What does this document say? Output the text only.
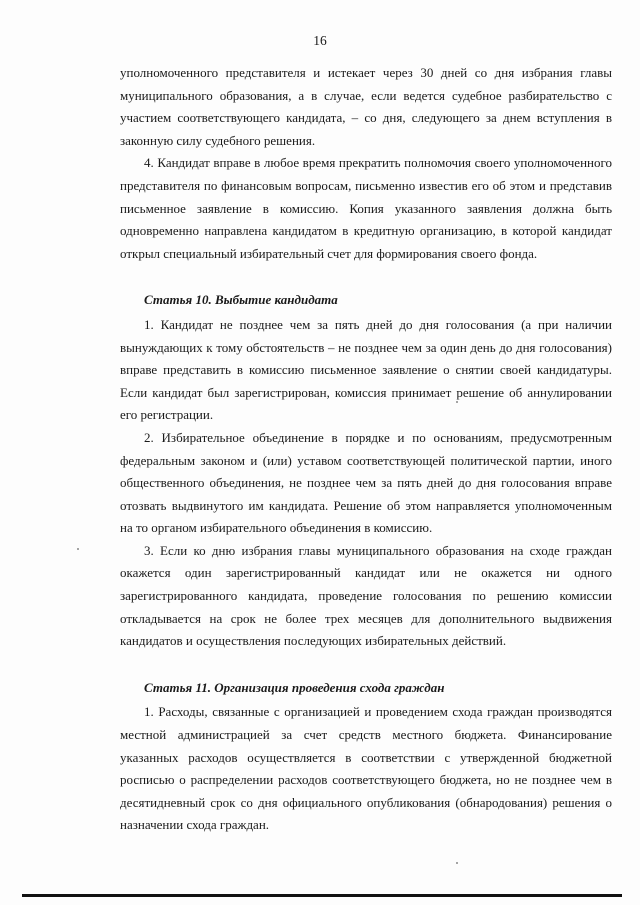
16

уполномоченного представителя и истекает через 30 дней со дня избрания главы муниципального образования, а в случае, если ведется судебное разбирательство с участием соответствующего кандидата, – со дня, следующего за днем вступления в законную силу судебного решения.

4. Кандидат вправе в любое время прекратить полномочия своего уполномоченного представителя по финансовым вопросам, письменно известив его об этом и представив письменное заявление в комиссию. Копия указанного заявления должна быть одновременно направлена кандидатом в кредитную организацию, в которой кандидат открыл специальный избирательный счет для формирования своего фонда.

Статья 10. Выбытие кандидата

1. Кандидат не позднее чем за пять дней до дня голосования (а при наличии вынуждающих к тому обстоятельств – не позднее чем за один день до дня голосования) вправе представить в комиссию письменное заявление о снятии своей кандидатуры. Если кандидат был зарегистрирован, комиссия принимает решение об аннулировании его регистрации.

2. Избирательное объединение в порядке и по основаниям, предусмотренным федеральным законом и (или) уставом соответствующей политической партии, иного общественного объединения, не позднее чем за пять дней до дня голосования вправе отозвать выдвинутого им кандидата. Решение об этом направляется уполномоченным на то органом избирательного объединения в комиссию.

3. Если ко дню избрания главы муниципального образования на сходе граждан окажется один зарегистрированный кандидат или не окажется ни одного зарегистрированного кандидата, проведение голосования по решению комиссии откладывается на срок не более трех месяцев для дополнительного выдвижения кандидатов и осуществления последующих избирательных действий.

Статья 11. Организация проведения схода граждан

1. Расходы, связанные с организацией и проведением схода граждан производятся местной администрацией за счет средств местного бюджета. Финансирование указанных расходов осуществляется в соответствии с утвержденной бюджетной росписью о распределении расходов соответствующего бюджета, но не позднее чем в десятидневный срок со дня официального опубликования (обнародования) решения о назначении схода граждан.
